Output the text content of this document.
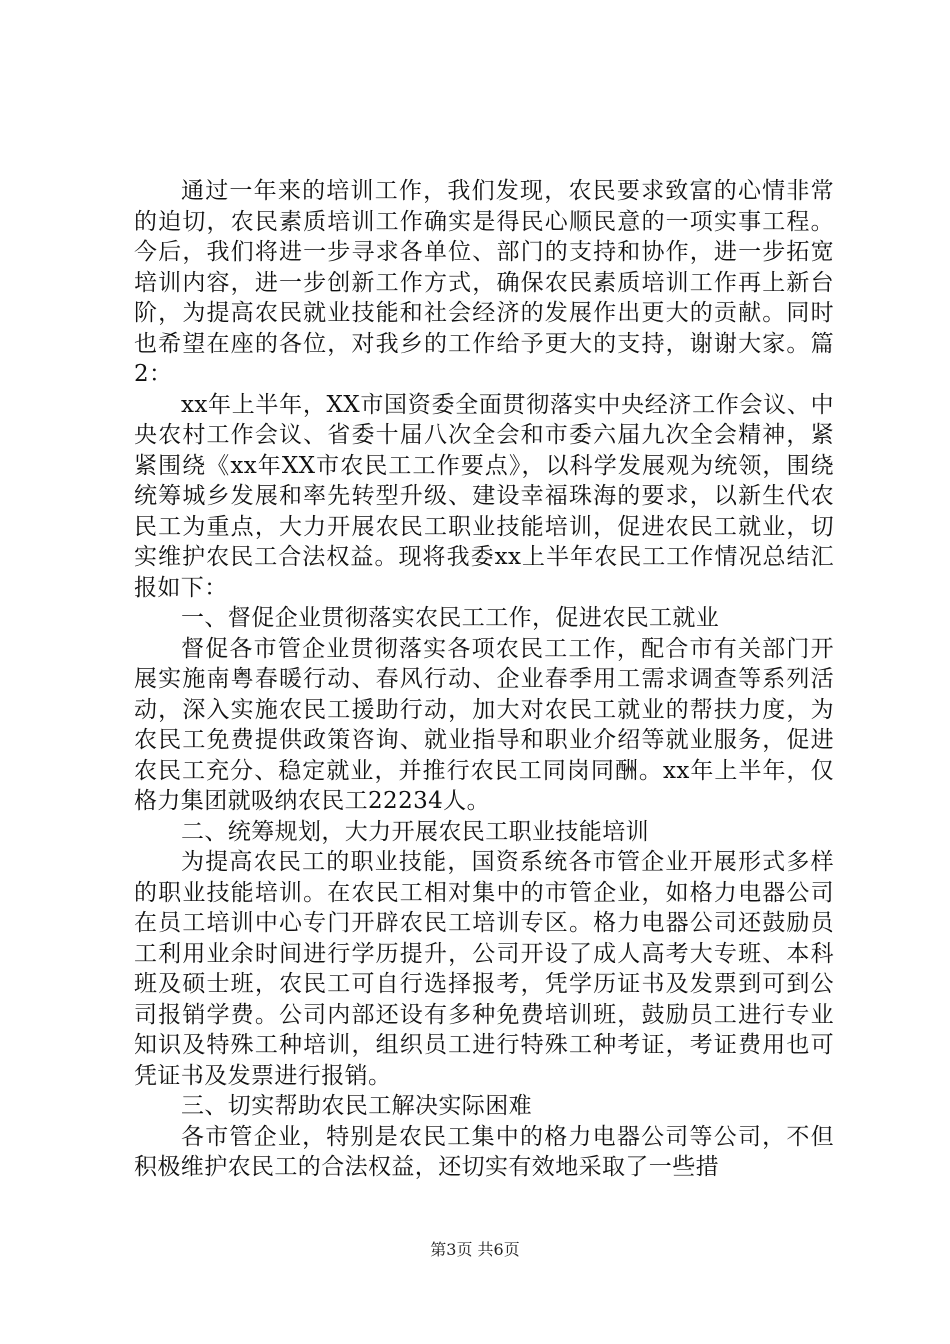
通过一年来的培训工作，我们发现，农民要求致富的心情非常的迫切，农民素质培训工作确实是得民心顺民意的一项实事工程。今后，我们将进一步寻求各单位、部门的支持和协作，进一步拓宽培训内容，进一步创新工作方式，确保农民素质培训工作再上新台阶，为提高农民就业技能和社会经济的发展作出更大的贡献。同时也希望在座的各位，对我乡的工作给予更大的支持，谢谢大家。篇2：

xx年上半年，XX市国资委全面贯彻落实中央经济工作会议、中央农村工作会议、省委十届八次全会和市委六届九次全会精神，紧紧围绕《xx年XX市农民工工作要点》，以科学发展观为统领，围绕统筹城乡发展和率先转型升级、建设幸福珠海的要求，以新生代农民工为重点，大力开展农民工职业技能培训，促进农民工就业，切实维护农民工合法权益。现将我委xx上半年农民工工作情况总结汇报如下：

一、督促企业贯彻落实农民工工作，促进农民工就业

督促各市管企业贯彻落实各项农民工工作，配合市有关部门开展实施南粤春暖行动、春风行动、企业春季用工需求调查等系列活动，深入实施农民工援助行动，加大对农民工就业的帮扶力度，为农民工免费提供政策咨询、就业指导和职业介绍等就业服务，促进农民工充分、稳定就业，并推行农民工同岗同酬。xx年上半年，仅格力集团就吸纳农民工22234人。

二、统筹规划，大力开展农民工职业技能培训

为提高农民工的职业技能，国资系统各市管企业开展形式多样的职业技能培训。在农民工相对集中的市管企业，如格力电器公司在员工培训中心专门开辟农民工培训专区。格力电器公司还鼓励员工利用业余时间进行学历提升，公司开设了成人高考大专班、本科班及硕士班，农民工可自行选择报考，凭学历证书及发票到可到公司报销学费。公司内部还设有多种免费培训班，鼓励员工进行专业知识及特殊工种培训，组织员工进行特殊工种考证，考证费用也可凭证书及发票进行报销。

三、切实帮助农民工解决实际困难

各市管企业，特别是农民工集中的格力电器公司等公司，不但积极维护农民工的合法权益，还切实有效地采取了一些措

第3页 共6页
